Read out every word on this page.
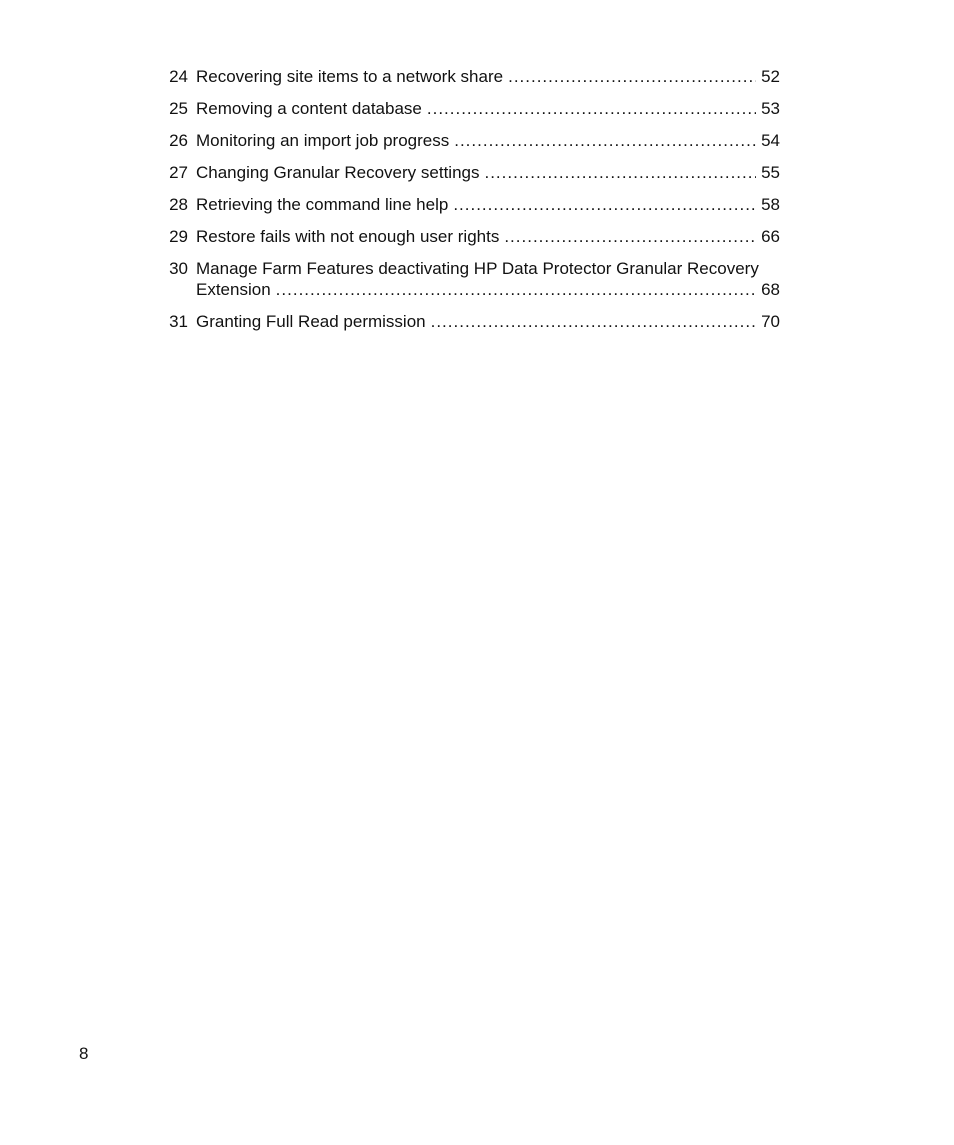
24 Recovering site items to a network share .....	52
25 Removing a content database .....	53
26 Monitoring an import job progress .....	54
27 Changing Granular Recovery settings .....	55
28 Retrieving the command line help .....	58
29 Restore fails with not enough user rights .....	66
30 Manage Farm Features deactivating HP Data Protector Granular Recovery
Extension .....	68
31 Granting Full Read permission .....	70
8
